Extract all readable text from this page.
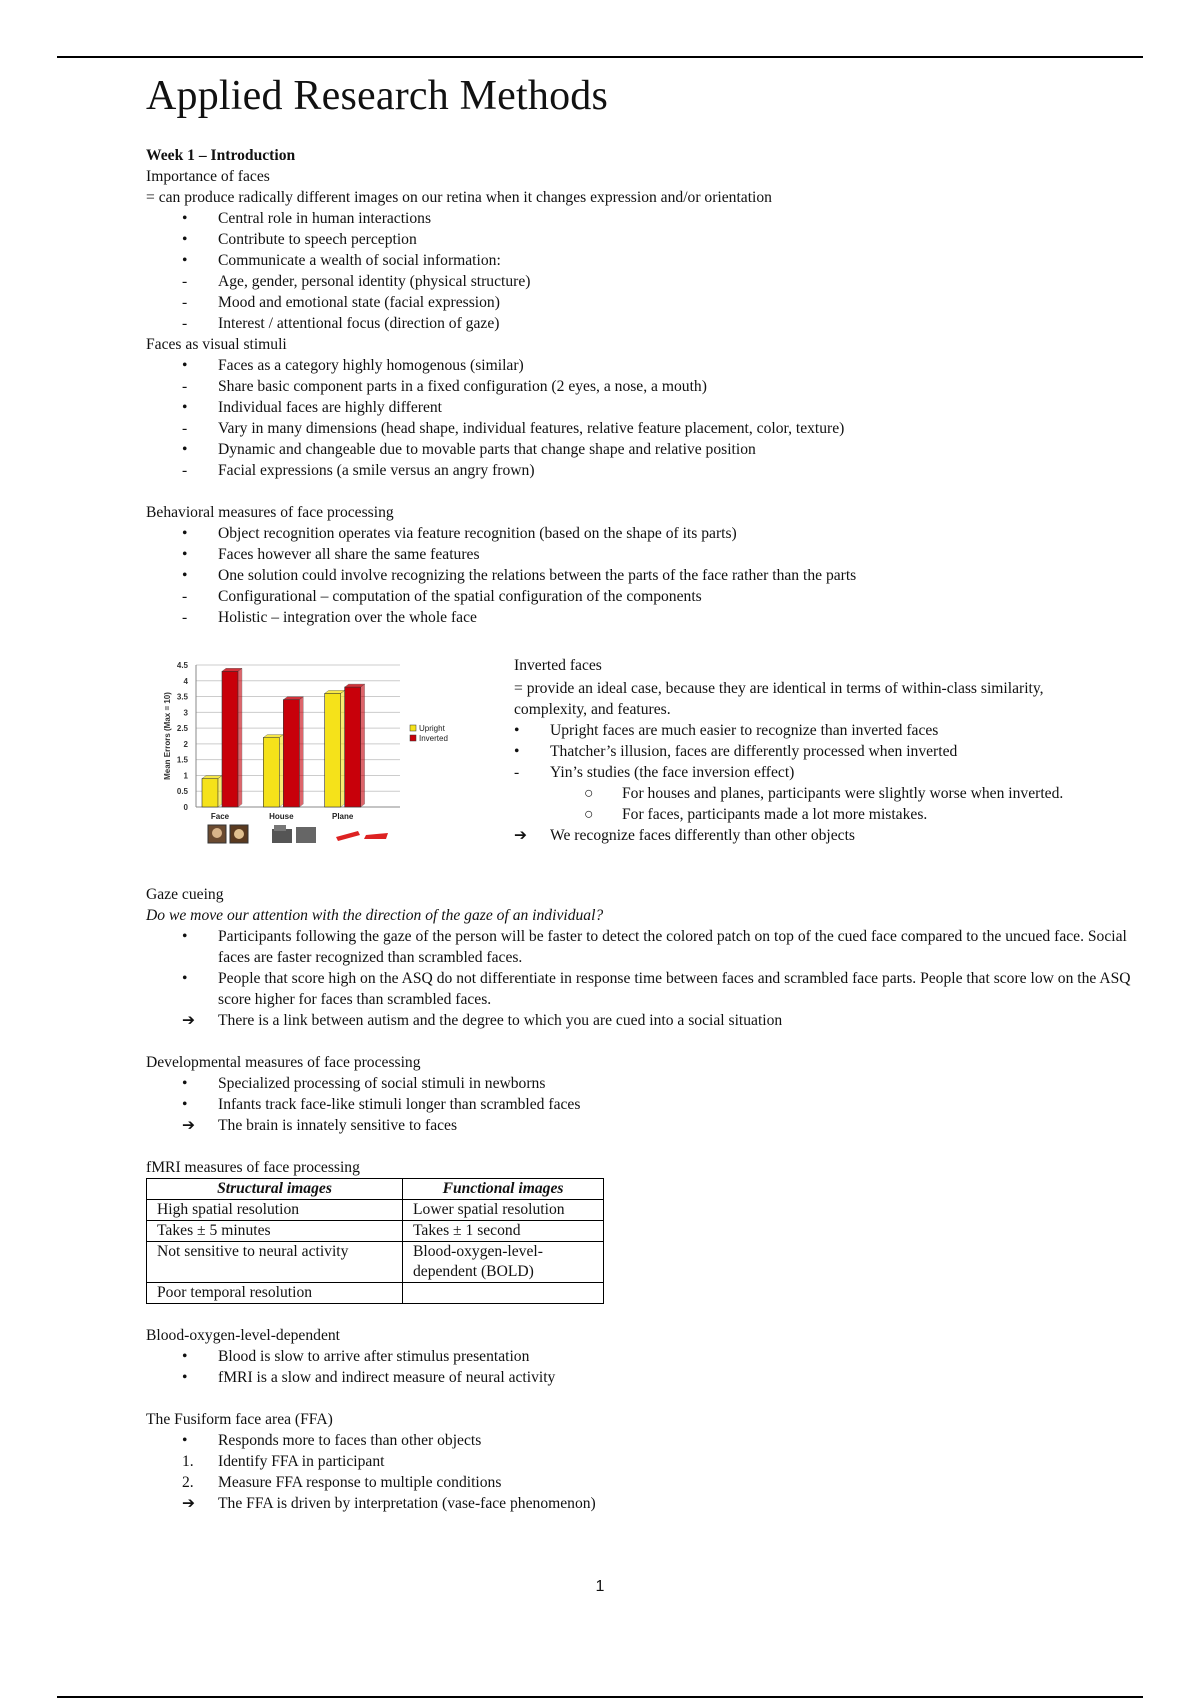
Applied Research Methods
Week 1 – Introduction
Importance of faces
= can produce radically different images on our retina when it changes expression and/or orientation
•	Central role in human interactions
•	Contribute to speech perception
•	Communicate a wealth of social information:
-	Age, gender, personal identity (physical structure)
-	Mood and emotional state (facial expression)
-	Interest / attentional focus (direction of gaze)
Faces as visual stimuli
•	Faces as a category highly homogenous (similar)
-	Share basic component parts in a fixed configuration (2 eyes, a nose, a mouth)
•	Individual faces are highly different
-	Vary in many dimensions (head shape, individual features, relative feature placement, color, texture)
•	Dynamic and changeable due to movable parts that change shape and relative position
-	Facial expressions (a smile versus an angry frown)
Behavioral measures of face processing
•	Object recognition operates via feature recognition (based on the shape of its parts)
•	Faces however all share the same features
•	One solution could involve recognizing the relations between the parts of the face rather than the parts
-	Configurational – computation of the spatial configuration of the components
-	Holistic – integration over the whole face
0
0.5
1
1.5
2
2.5
3
3.5
4
4.5
Mean Errors (Max = 10)
Face	House	Plane
Upright
Inverted
Inverted faces
= provide an ideal case, because they are identical in terms of within-class similarity, complexity, and features.
•	Upright faces are much easier to recognize than inverted faces
•	Thatcher’s illusion, faces are differently processed when inverted
-	Yin’s studies (the face inversion effect)
○	For houses and planes, participants were slightly worse when inverted.
○	For faces, participants made a lot more mistakes.
➔	We recognize faces differently than other objects
Gaze cueing
Do we move our attention with the direction of the gaze of an individual?
•	Participants following the gaze of the person will be faster to detect the colored patch on top of the cued face compared to the uncued face. Social faces are faster recognized than scrambled faces.
•	People that score high on the ASQ do not differentiate in response time between faces and scrambled face parts. People that score low on the ASQ score higher for faces than scrambled faces.
➔	There is a link between autism and the degree to which you are cued into a social situation
Developmental measures of face processing
•	Specialized processing of social stimuli in newborns
•	Infants track face-like stimuli longer than scrambled faces
➔	The brain is innately sensitive to faces
fMRI measures of face processing
Structural images	Functional images
High spatial resolution	Lower spatial resolution
Takes ± 5 minutes	Takes ± 1 second
Not sensitive to neural activity	Blood-oxygen-level-dependent (BOLD)
Poor temporal resolution	
Blood-oxygen-level-dependent
•	Blood is slow to arrive after stimulus presentation
•	fMRI is a slow and indirect measure of neural activity
The Fusiform face area (FFA)
•	Responds more to faces than other objects
1.	Identify FFA in participant
2.	Measure FFA response to multiple conditions
➔	The FFA is driven by interpretation (vase-face phenomenon)
1
